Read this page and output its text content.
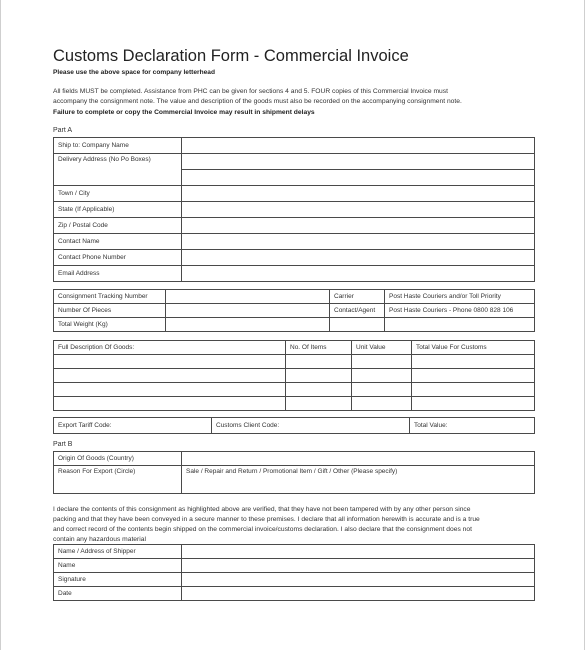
Customs Declaration Form - Commercial Invoice
Please use the above space for company letterhead
All fields MUST be completed. Assistance from PHC can be given for sections 4 and 5. FOUR copies of this Commercial Invoice must
accompany the consignment note. The value and description of the goods must also be recorded on the accompanying consignment note.
Failure to complete or copy the Commercial Invoice may result in shipment delays
Part A
Ship to: Company Name	
Delivery Address (No Po Boxes)	

Town / City	
State (If Applicable)	
Zip / Postal Code	
Contact Name	
Contact Phone Number	
Email Address	
Consignment Tracking Number		Carrier	Post Haste Couriers and/or Toll Priority
Number Of Pieces		Contact/Agent	Post Haste Couriers - Phone 0800 828 106
Total Weight (Kg)			
Full Description Of Goods:	No. Of Items	Unit Value	Total Value For Customs

Export Tariff Code:	Customs Client Code:	Total Value:
Part B
Origin Of Goods (Country)	
Reason For Export (Circle)	Sale / Repair and Return / Promotional Item / Gift / Other (Please specify)
I declare the contents of this consignment as highlighted above are verified, that they have not been tampered with by any other person since
packing and that they have been conveyed in a secure manner to these premises. I declare that all information herewith is accurate and is a true
and correct record of the contents begin shipped on the commercial invoice/customs declaration. I also declare that the consignment does not
contain any hazardous material
Name / Address of Shipper	
Name	
Signature	
Date	
